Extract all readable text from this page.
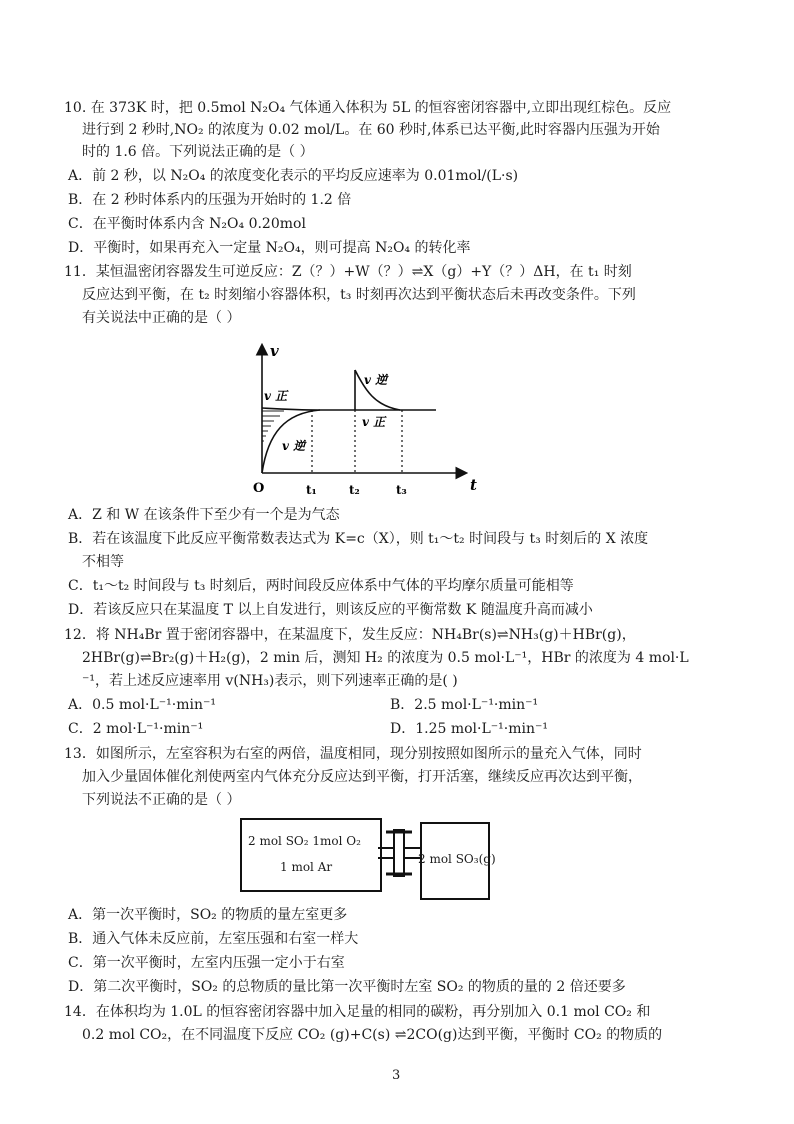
10. 在 373K 时，把 0.5mol N₂O₄ 气体通入体积为 5L 的恒容密闭容器中,立即出现红棕色。反应
进行到 2 秒时,NO₂ 的浓度为 0.02 mol/L。在 60 秒时,体系已达平衡,此时容器内压强为开始
时的 1.6 倍。下列说法正确的是（ ）
A．前 2 秒，以 N₂O₄ 的浓度变化表示的平均反应速率为 0.01mol/(L·s)
B．在 2 秒时体系内的压强为开始时的 1.2 倍
C．在平衡时体系内含 N₂O₄ 0.20mol
D．平衡时，如果再充入一定量 N₂O₄，则可提高 N₂O₄ 的转化率
11．某恒温密闭容器发生可逆反应：Z（？）+W（？）⇌X（g）+Y（？）ΔH，在 t₁ 时刻
反应达到平衡，在 t₂ 时刻缩小容器体积，t₃ 时刻再次达到平衡状态后未再改变条件。下列
有关说法中正确的是（ ）
v
t
O	t₁	t₂	t₃
v 正
v 逆
v 逆
v 正
A．Z 和 W 在该条件下至少有一个是为气态
B．若在该温度下此反应平衡常数表达式为 K=c（X），则 t₁～t₂ 时间段与 t₃ 时刻后的 X 浓度
不相等
C．t₁～t₂ 时间段与 t₃ 时刻后，两时间段反应体系中气体的平均摩尔质量可能相等
D．若该反应只在某温度 T 以上自发进行，则该反应的平衡常数 K 随温度升高而减小
12．将 NH₄Br 置于密闭容器中，在某温度下，发生反应：NH₄Br(s)⇌NH₃(g)＋HBr(g)，
2HBr(g)⇌Br₂(g)＋H₂(g)，2 min 后，测知 H₂ 的浓度为 0.5 mol·L⁻¹，HBr 的浓度为 4 mol·L
⁻¹，若上述反应速率用 v(NH₃)表示，则下列速率正确的是( )
A．0.5 mol·L⁻¹·min⁻¹	B．2.5 mol·L⁻¹·min⁻¹
C．2 mol·L⁻¹·min⁻¹	D．1.25 mol·L⁻¹·min⁻¹
13．如图所示，左室容积为右室的两倍，温度相同，现分别按照如图所示的量充入气体，同时
加入少量固体催化剂使两室内气体充分反应达到平衡，打开活塞，继续反应再次达到平衡，
下列说法不正确的是（ ）
2 mol SO₂ 1mol O₂
1 mol Ar
2 mol SO₃(g)
A．第一次平衡时，SO₂ 的物质的量左室更多
B．通入气体未反应前，左室压强和右室一样大
C．第一次平衡时，左室内压强一定小于右室
D．第二次平衡时，SO₂ 的总物质的量比第一次平衡时左室 SO₂ 的物质的量的 2 倍还要多
14．在体积均为 1.0L 的恒容密闭容器中加入足量的相同的碳粉，再分别加入 0.1 mol CO₂ 和
0.2 mol CO₂，在不同温度下反应 CO₂ (g)+C(s) ⇌2CO(g)达到平衡，平衡时 CO₂ 的物质的
3
